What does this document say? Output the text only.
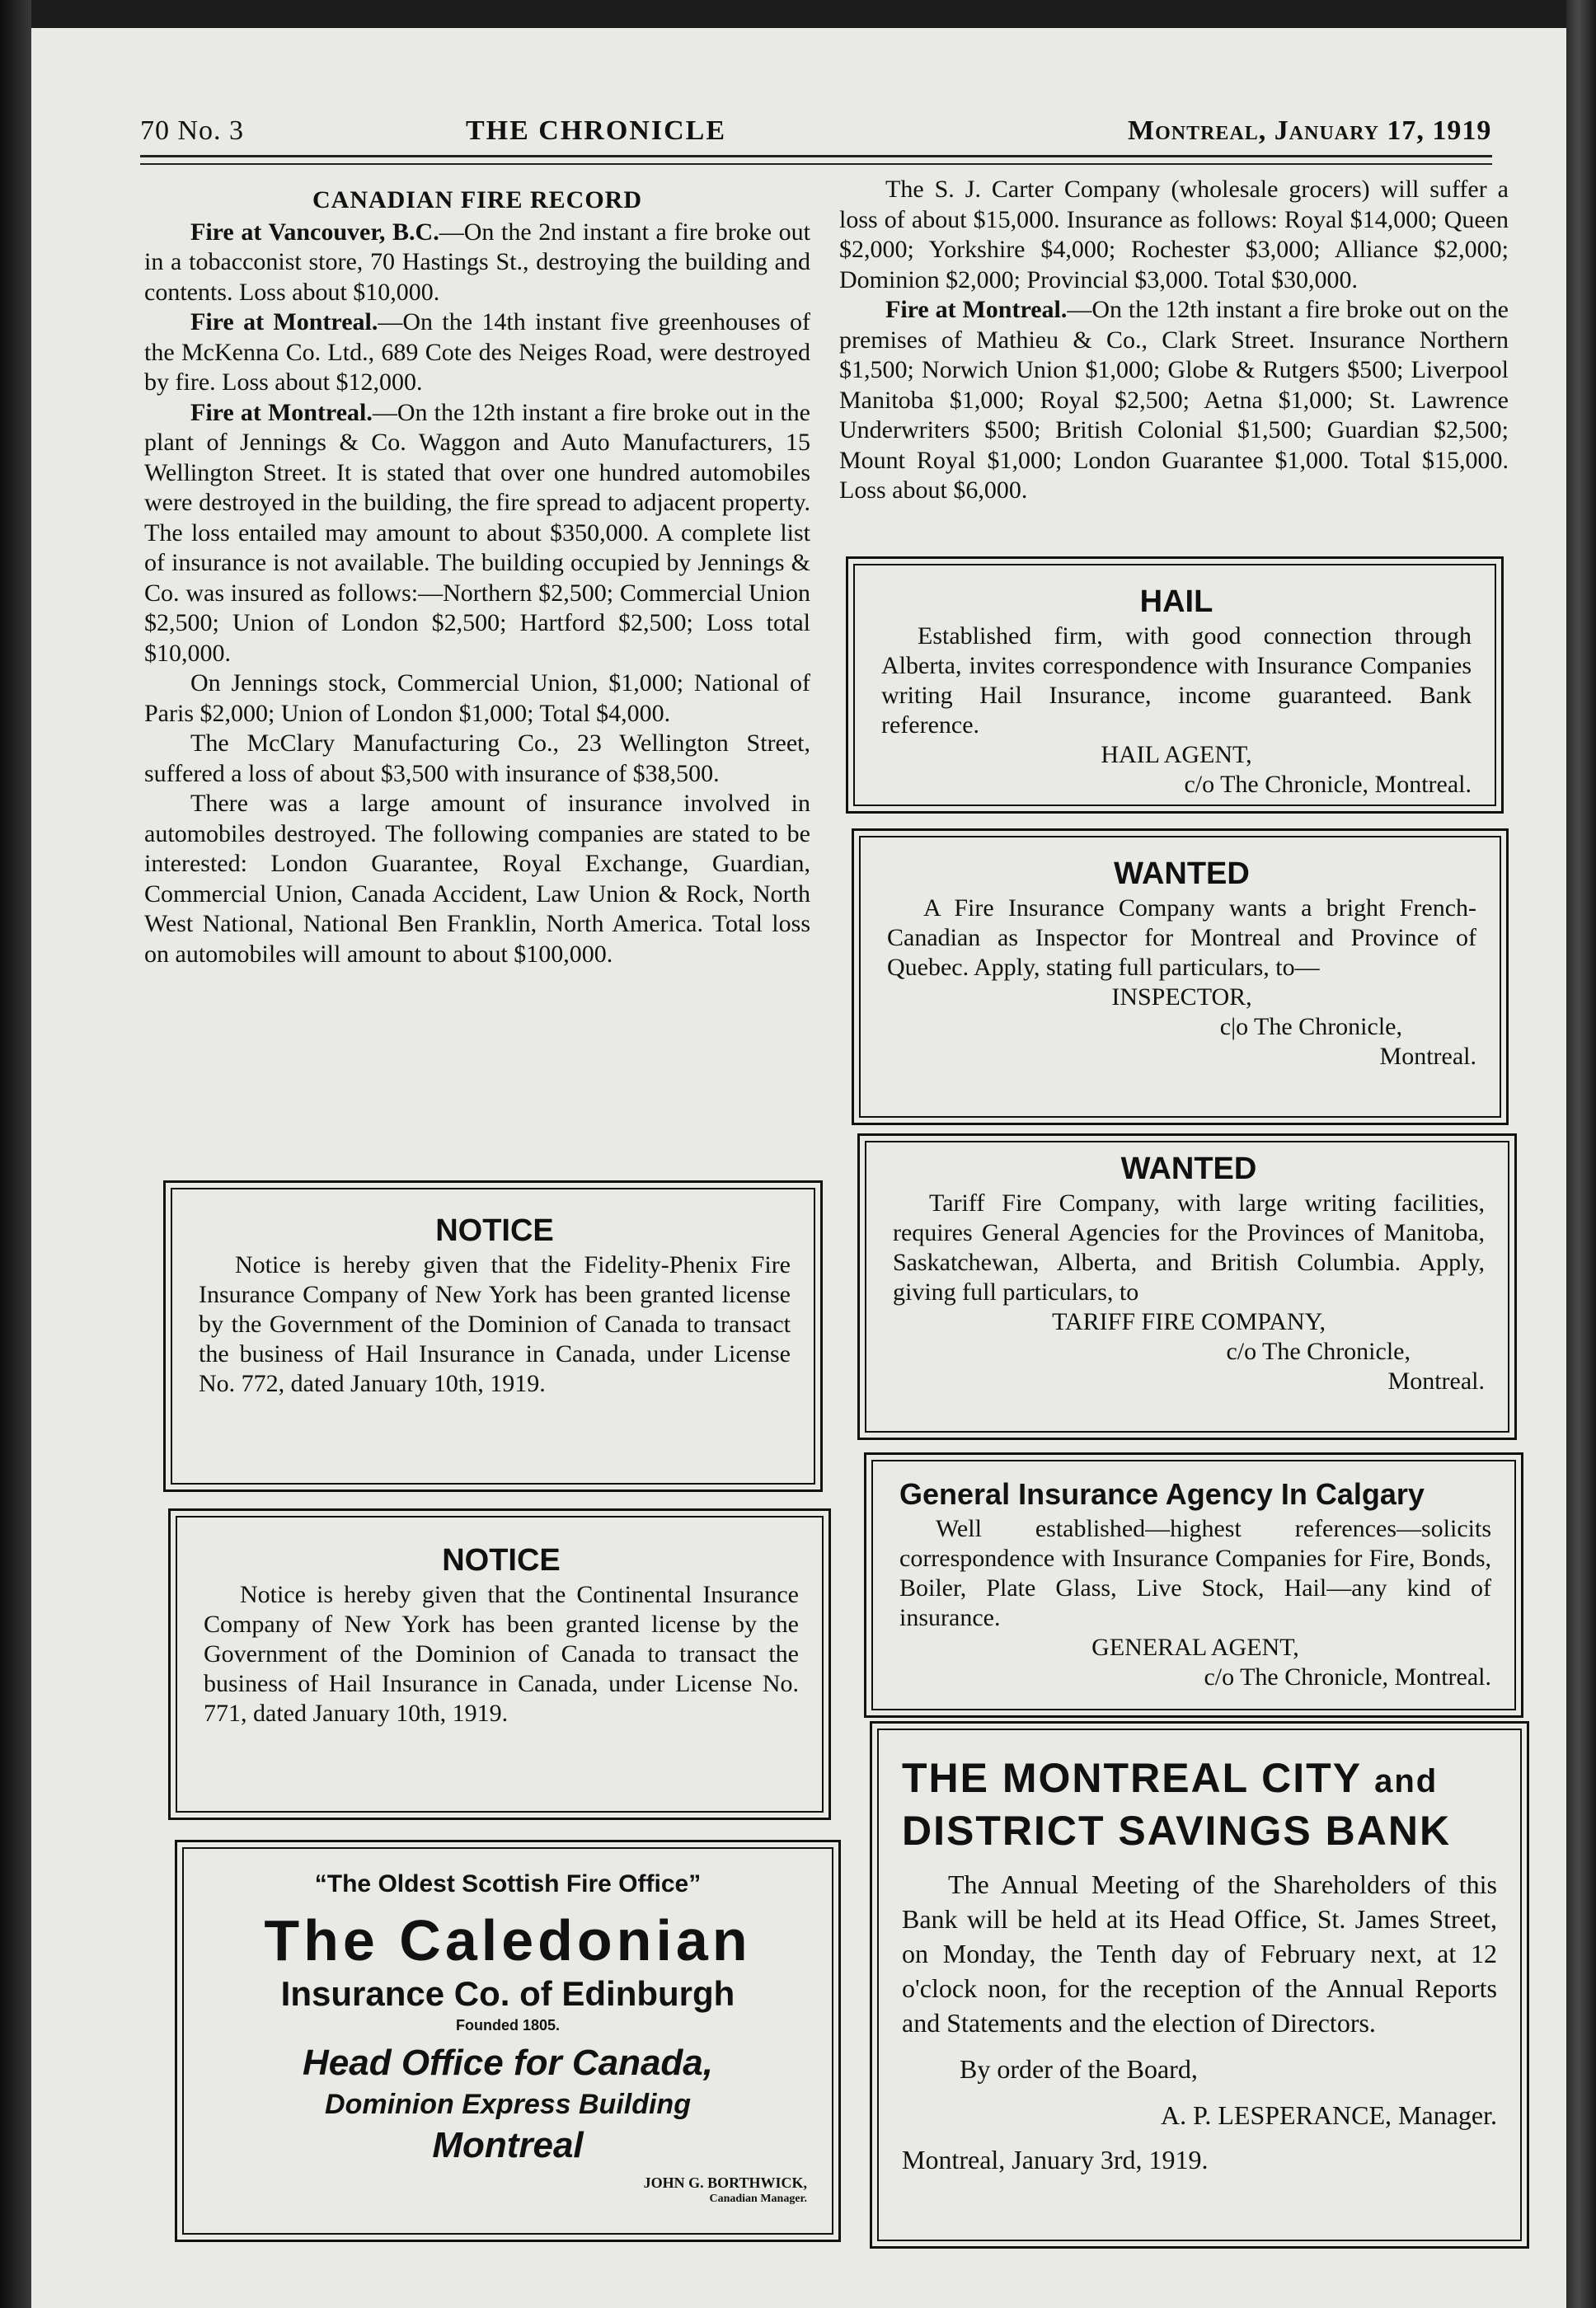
70 No. 3	THE CHRONICLE	Montreal, January 17, 1919
CANADIAN FIRE RECORD

Fire at Vancouver, B.C.—On the 2nd instant a fire broke out in a tobacconist store, 70 Hastings St., destroying the building and contents. Loss about $10,000.

Fire at Montreal.—On the 14th instant five greenhouses of the McKenna Co. Ltd., 689 Cote des Neiges Road, were destroyed by fire. Loss about $12,000.

Fire at Montreal.—On the 12th instant a fire broke out in the plant of Jennings & Co. Waggon and Auto Manufacturers, 15 Wellington Street. It is stated that over one hundred automobiles were destroyed in the building, the fire spread to adjacent property. The loss entailed may amount to about $350,000. A complete list of insurance is not available. The building occupied by Jennings & Co. was insured as follows:—Northern $2,500; Commercial Union $2,500; Union of London $2,500; Hartford $2,500; Loss total $10,000.

On Jennings stock, Commercial Union, $1,000; National of Paris $2,000; Union of London $1,000; Total $4,000.

The McClary Manufacturing Co., 23 Wellington Street, suffered a loss of about $3,500 with insurance of $38,500.

There was a large amount of insurance involved in automobiles destroyed. The following companies are stated to be interested: London Guarantee, Royal Exchange, Guardian, Commercial Union, Canada Accident, Law Union & Rock, North West National, National Ben Franklin, North America. Total loss on automobiles will amount to about $100,000.

NOTICE

Notice is hereby given that the Fidelity-Phenix Fire Insurance Company of New York has been granted license by the Government of the Dominion of Canada to transact the business of Hail Insurance in Canada, under License No. 772, dated January 10th, 1919.

NOTICE

Notice is hereby given that the Continental Insurance Company of New York has been granted license by the Government of the Dominion of Canada to transact the business of Hail Insurance in Canada, under License No. 771, dated January 10th, 1919.

“The Oldest Scottish Fire Office”
The Caledonian
Insurance Co. of Edinburgh
Founded 1805.
Head Office for Canada,
Dominion Express Building
Montreal
JOHN G. BORTHWICK,
Canadian Manager.

The S. J. Carter Company (wholesale grocers) will suffer a loss of about $15,000. Insurance as follows: Royal $14,000; Queen $2,000; Yorkshire $4,000; Rochester $3,000; Alliance $2,000; Dominion $2,000; Provincial $3,000. Total $30,000.

Fire at Montreal.—On the 12th instant a fire broke out on the premises of Mathieu & Co., Clark Street. Insurance Northern $1,500; Norwich Union $1,000; Globe & Rutgers $500; Liverpool Manitoba $1,000; Royal $2,500; Aetna $1,000; St. Lawrence Underwriters $500; British Colonial $1,500; Guardian $2,500; Mount Royal $1,000; London Guarantee $1,000. Total $15,000. Loss about $6,000.

HAIL

Established firm, with good connection through Alberta, invites correspondence with Insurance Companies writing Hail Insurance, income guaranteed. Bank reference.

HAIL AGENT,
c/o The Chronicle, Montreal.
WANTED

A Fire Insurance Company wants a bright French-Canadian as Inspector for Montreal and Province of Quebec. Apply, stating full particulars, to—

INSPECTOR,
c|o The Chronicle,
Montreal.
WANTED

Tariff Fire Company, with large writing facilities, requires General Agencies for the Provinces of Manitoba, Saskatchewan, Alberta, and British Columbia. Apply, giving full particulars, to

TARIFF FIRE COMPANY,
c/o The Chronicle,
Montreal.
General Insurance Agency In Calgary

Well established—highest references—solicits correspondence with Insurance Companies for Fire, Bonds, Boiler, Plate Glass, Live Stock, Hail—any kind of insurance.

GENERAL AGENT,
c/o The Chronicle, Montreal.
THE MONTREAL CITY and
DISTRICT SAVINGS BANK

The Annual Meeting of the Shareholders of this Bank will be held at its Head Office, St. James Street, on Monday, the Tenth day of February next, at 12 o'clock noon, for the reception of the Annual Reports and Statements and the election of Directors.

By order of the Board,
A. P. LESPERANCE, Manager.
Montreal, January 3rd, 1919.
